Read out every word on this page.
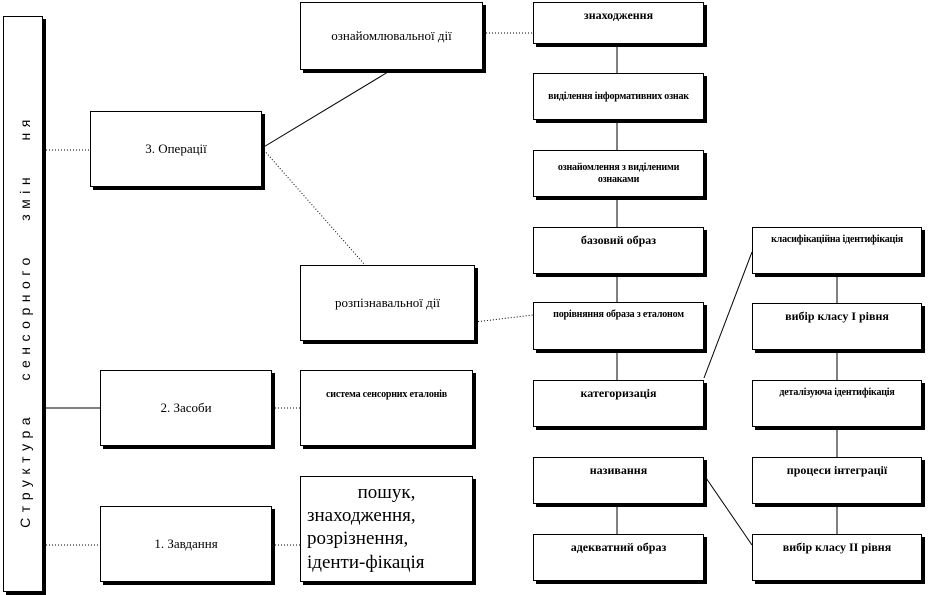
Структура сенсорного змін ня	3. Операції
2. Засоби
1. Завдання
ознайомлювальної дії
розпізнавальної дії
система сенсорних еталонів
пошук,
знаходження, розрізнення, іденти-фікація
знаходження
виділення інформативних ознак
ознайомлення з виділеними ознаками
базовий образ
порівняння образа з еталоном
категоризація
називання
адекватний образ
класифікаційна ідентифікація
вибір класу І рівня
деталізуюча ідентифікація
процеси інтеграції
вибір класу ІІ рівня
